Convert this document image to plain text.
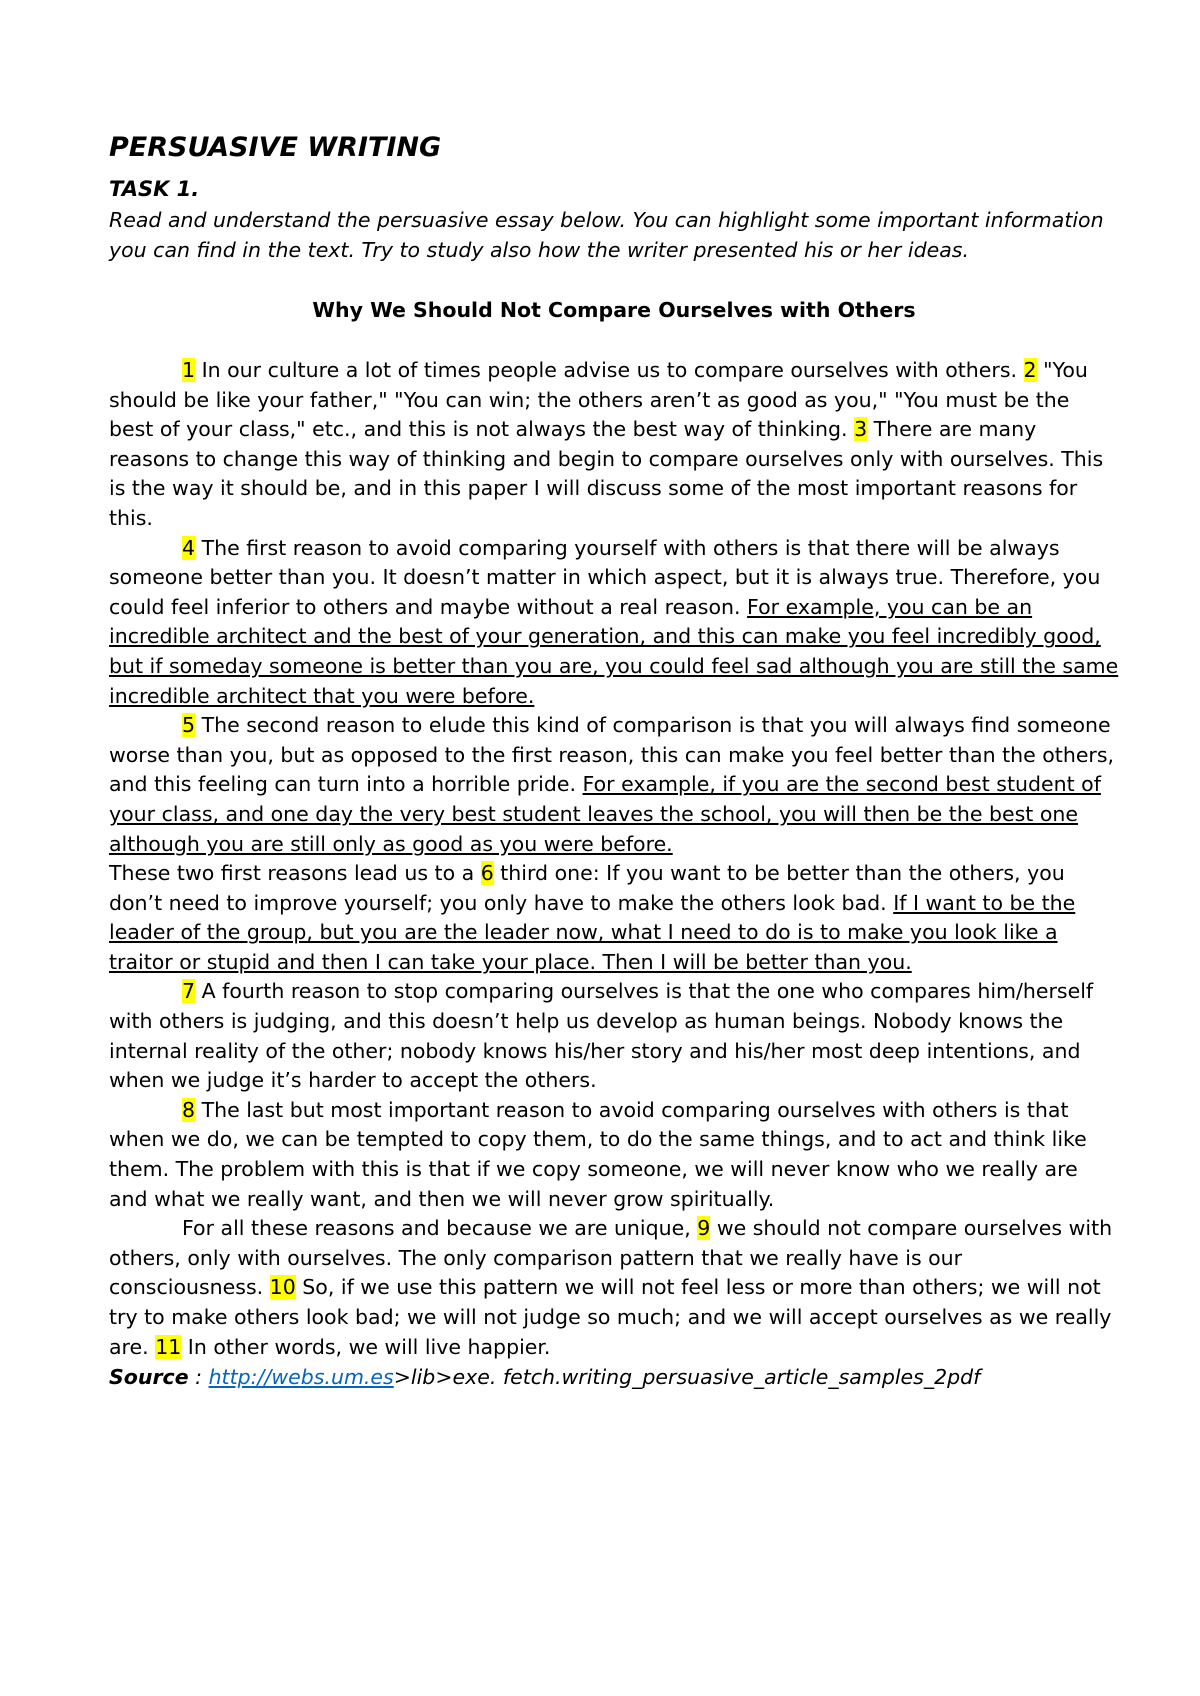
PERSUASIVE WRITING
TASK 1.

Read and understand the persuasive essay below. You can highlight some important information you can find in the text. Try to study also how the writer presented his or her ideas.

Why We Should Not Compare Ourselves with Others

1 In our culture a lot of times people advise us to compare ourselves with others. 2 "You should be like your father," "You can win; the others aren’t as good as you," "You must be the best of your class," etc., and this is not always the best way of thinking. 3 There are many reasons to change this way of thinking and begin to compare ourselves only with ourselves. This is the way it should be, and in this paper I will discuss some of the most important reasons for this.

4 The first reason to avoid comparing yourself with others is that there will be always someone better than you. It doesn’t matter in which aspect, but it is always true. Therefore, you could feel inferior to others and maybe without a real reason. For example, you can be an incredible architect and the best of your generation, and this can make you feel incredibly good, but if someday someone is better than you are, you could feel sad although you are still the same incredible architect that you were before.

5 The second reason to elude this kind of comparison is that you will always find someone worse than you, but as opposed to the first reason, this can make you feel better than the others, and this feeling can turn into a horrible pride. For example, if you are the second best student of your class, and one day the very best student leaves the school, you will then be the best one although you are still only as good as you were before.

These two first reasons lead us to a 6 third one: If you want to be better than the others, you don’t need to improve yourself; you only have to make the others look bad. If I want to be the leader of the group, but you are the leader now, what I need to do is to make you look like a traitor or stupid and then I can take your place. Then I will be better than you.

7 A fourth reason to stop comparing ourselves is that the one who compares him/herself with others is judging, and this doesn’t help us develop as human beings. Nobody knows the internal reality of the other; nobody knows his/her story and his/her most deep intentions, and when we judge it’s harder to accept the others.

8 The last but most important reason to avoid comparing ourselves with others is that when we do, we can be tempted to copy them, to do the same things, and to act and think like them. The problem with this is that if we copy someone, we will never know who we really are and what we really want, and then we will never grow spiritually.

For all these reasons and because we are unique, 9 we should not compare ourselves with others, only with ourselves. The only comparison pattern that we really have is our consciousness. 10 So, if we use this pattern we will not feel less or more than others; we will not try to make others look bad; we will not judge so much; and we will accept ourselves as we really are. 11 In other words, we will live happier.

Source : http://webs.um.es>lib>exe. fetch.writing_persuasive_article_samples_2pdf
